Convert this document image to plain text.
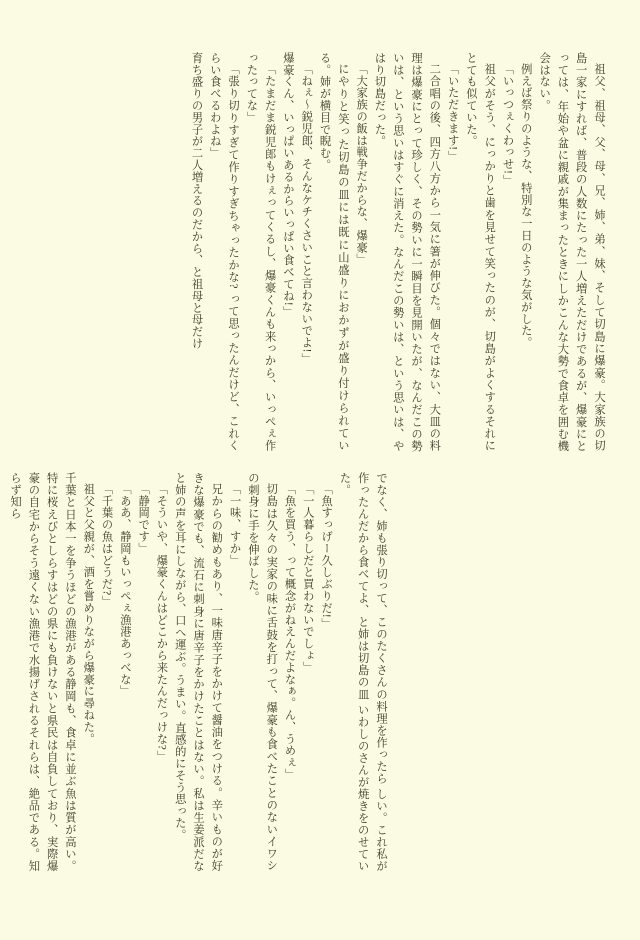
祖父、祖母、父、母、兄、姉、弟、妹、そして切島に爆豪。大家族の切島一家にすれば、普段の人数にたった一人増えただけであるが、爆豪にとっては、年始や盆に親戚が集まったときにしかこんな大勢で食卓を囲む機会はない。

例えば祭りのような、特別な一日のような気がした。

「いっつぇくわっせ!」

祖父がそう、にっかりと歯を見せて笑ったのが、切島がよくするそれにとても似ていた。

「いただきます!」

二合唱の後、四方八方から一気に箸が伸びた。個々ではない、大皿の料理は爆豪にとって珍しく、その勢いに一瞬目を見開いたが、なんだこの勢いは、という思いはすぐに消えた。なんだこの勢いは、という思いは、やはり切島だった。

「大家族の飯は戦争だからな、爆豪」

にやりと笑った切島の皿には既に山盛りにおかずが盛り付けられている。姉が横目で睨む。

「ねぇ～鋭児郎、そんなケチくさいこと言わないでよ!」

爆豪くん、いっぱいあるからいっぱい食べてね!」

「たまだま鋭児郎もけぇってくるし、爆豪くんも来っから、いっぺぇ作ったってな」

「張り切りすぎて作りすぎちゃったかな? って思ったんだけど、これくらい食べるわよね」

育ち盛りの男子が二人増えるのだから、と祖母と母だけ

でなく、姉も張り切って、このたくさんの料理を作ったら しい。これ私が作ったんだから食べてよ、と姉は切島の皿 いわしのさんが焼きをのせていた。

「魚すっげー久しぶりだ!」

「一人暮らしだと買わないでしょ」

「魚を買う、って概念がねえんだよなぁ。ん、うめぇ」

切島は久々の実家の味に舌鼓を打って、爆豪も食べたことのないイワシの刺身に手を伸ばした。

「一味、すか」

兄からの勧めもあり、一味唐辛子をかけて醤油をつける。辛いものが好きな爆豪でも、流石に刺身に唐辛子をかけたことはない。私は生姜派だなと姉の声を耳にしながら、口へ運ぶ。うまい。直感的にそう思った。

「そういや、爆豪くんはどこから来たんだっけな?」

「静岡です」

「ああ、静岡もいっぺぇ漁港あっべな」

「千葉の魚はどうだ?」

祖父と父親が、酒を嘗めりながら爆豪に尋ねた。

千葉と日本一を争うほどの漁港がある静岡も、食卓に並ぶ魚は質が高い。特に桜えびとしらすはどの県にも負けないと県民は自負しており、実際爆豪の自宅からそう遠くない漁港で水揚げされるそれらは、絶品である。知らず知ら
